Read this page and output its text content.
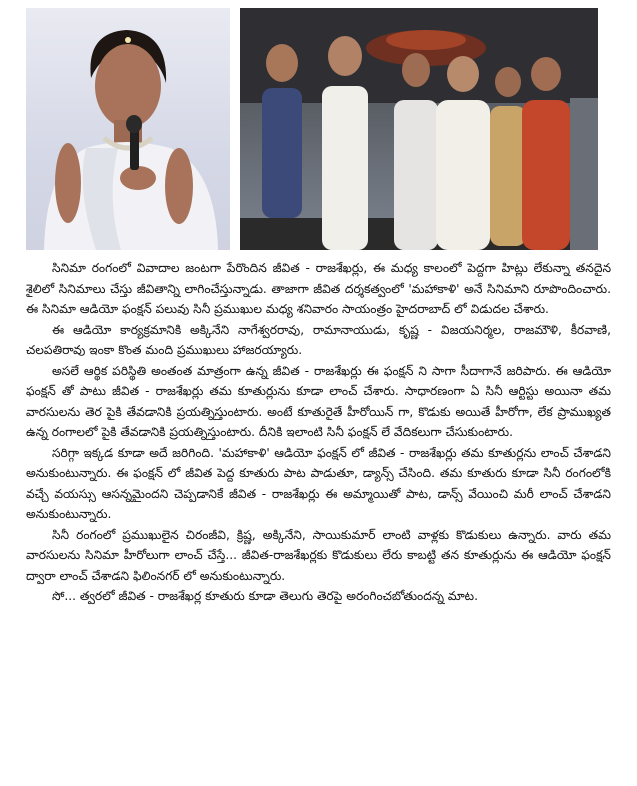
సినిమా రంగంలో వివాదాల జంటగా పేరొందిన జీవిత - రాజశేఖర్లు, ఈ మధ్య కాలంలో పెద్దగా హిట్లు లేకున్నా తనదైన శైలిలో సినిమాలు చేస్తు జీవితాన్ని లాగించేస్తున్నాడు. తాజాగా జీవిత దర్శకత్వంలో 'మహాకాళి' అనే సినిమాని రూపొందించారు. ఈ సినిమా ఆడియో ఫంక్షన్ పలువు సినీ ప్రముఖుల మధ్య శనివారం సాయంత్రం హైదరాబాద్ లో విడుదల చేశారు.

ఈ ఆడియో కార్యక్రమానికి అక్కినేని నాగేశ్వరరావు, రామానాయుడు, కృష్ణ - విజయనిర్మల, రాజమౌళి, కీరవాణి, చలపతిరావు ఇంకా కొంత మంది ప్రముఖులు హాజరయ్యారు.

అసలే ఆర్థిక పరిస్థితి అంతంత మాత్రంగా ఉన్న జీవిత - రాజశేఖర్లు ఈ ఫంక్షన్ ని సాగా సీదాగానే జరిపారు. ఈ ఆడియో ఫంక్షన్ తో పాటు జీవిత - రాజశేఖర్లు తమ కూతుర్లును కూడా లాంచ్ చేశారు. సాధారణంగా ఏ సినీ ఆర్టిస్టు అయినా తమ వారసులను తెర పైకి తేవడానికి ప్రయత్నిస్తుంటారు. అంటే కూతురైతే హీరోయిన్ గా, కొడుకు అయితే హీరోగా, లేక ప్రాముఖ్యత ఉన్న రంగాలలో పైకి తేవడానికి ప్రయత్నిస్తుంటారు. దీనికి ఇలాంటి సినీ ఫంక్షన్ లే వేదికలుగా చేసుకుంటారు.

సరిగ్గా ఇక్కడ కూడా అదే జరిగింది. 'మహాకాళి' ఆడియో ఫంక్షన్ లో జీవిత - రాజశేఖర్లు తమ కూతుర్లను లాంచ్ చేశాడని అనుకుంటున్నారు. ఈ ఫంక్షన్ లో జీవిత పెద్ద కూతురు పాట పాడుతూ, డ్యాన్స్ చేసింది. తమ కూతురు కూడా సినీ రంగంలోకి వచ్చే వయస్సు ఆసన్నమైందని చెప్పడానికే జీవిత - రాజశేఖర్లు ఈ అమ్మాయితో పాట, డాన్స్ వేయించి మరీ లాంచ్ చేశాడని అనుకుంటున్నారు.

సినీ రంగంలో ప్రముఖులైన చిరంజీవి, క్రిష్ణ, అక్కినేని, సాయికుమార్ లాంటి వాళ్లకు కొడుకులు ఉన్నారు. వారు తమ వారసులను సినిమా హీరోలుగా లాంచ్ చేస్తే... జీవిత-రాజశేఖర్లకు కొడుకులు లేరు కాబట్టి తన కూతుర్లును ఈ ఆడియో ఫంక్షన్ ద్వారా లాంచ్ చేశాడని ఫిలింనగర్ లో అనుకుంటున్నారు.

సో... త్వరలో జీవిత - రాజశేఖర్ల కూతురు కూడా తెలుగు తెరపై అరంగించబోతుందన్న మాట.
